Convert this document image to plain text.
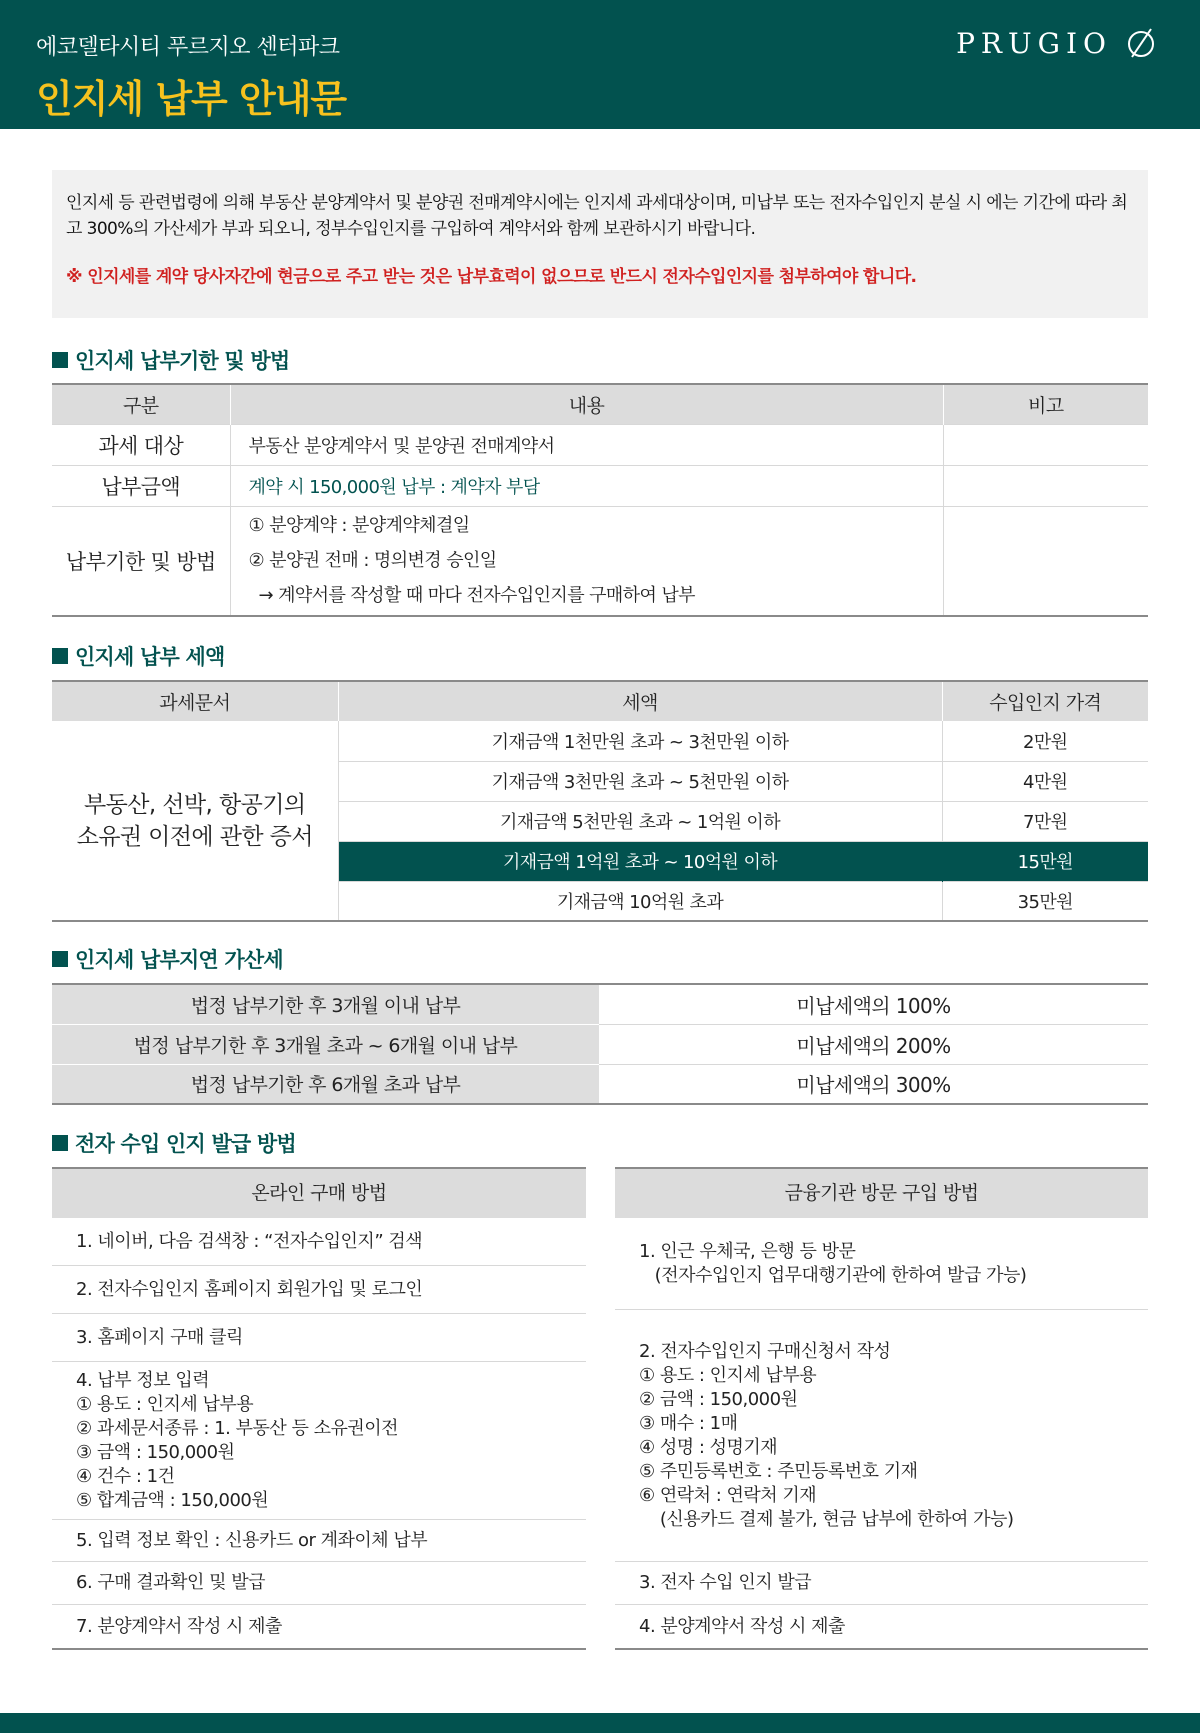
에코델타시티 푸르지오 센터파크
인지세 납부 안내문
PRUGIO

인지세 등 관련법령에 의해 부동산 분양계약서 및 분양권 전매계약시에는 인지세 과세대상이며, 미납부 또는 전자수입인지 분실 시 에는 기간에 따라 최고 300%의 가산세가 부과 되오니, 정부수입인지를 구입하여 계약서와 함께 보관하시기 바랍니다.

※ 인지세를 계약 당사자간에 현금으로 주고 받는 것은 납부효력이 없으므로 반드시 전자수입인지를 첨부하여야 합니다.

인지세 납부기한 및 방법
구분	내용	비고
과세 대상	부동산 분양계약서 및 분양권 전매계약서	
납부금액	계약 시 150,000원 납부 : 계약자 부담	
납부기한 및 방법	① 분양계약 : 분양계약체결일
② 분양권 전매 : 명의변경 승인일
→ 계약서를 작성할 때 마다 전자수입인지를 구매하여 납부	

인지세 납부 세액
과세문서	세액	수입인지 가격

부동산, 선박, 항공기의
소유권 이전에 관한 증서	기재금액 1천만원 초과 ~ 3천만원 이하	2만원
	기재금액 3천만원 초과 ~ 5천만원 이하	4만원
	기재금액 5천만원 초과 ~ 1억원 이하	7만원
	기재금액 1억원 초과 ~ 10억원 이하	15만원
	기재금액 10억원 초과	35만원
인지세 납부지연 가산세
법정 납부기한 후 3개월 이내 납부	미납세액의 100%
법정 납부기한 후 3개월 초과 ~ 6개월 이내 납부	미납세액의 200%
법정 납부기한 후 6개월 초과 납부	미납세액의 300%
전자 수입 인지 발급 방법
온라인 구매 방법
1. 네이버, 다음 검색창 : “전자수입인지” 검색
2. 전자수입인지 홈페이지 회원가입 및 로그인
3. 홈페이지 구매 클릭
4. 납부 정보 입력
① 용도 : 인지세 납부용
② 과세문서종류 : 1. 부동산 등 소유권이전
③ 금액 : 150,000원
④ 건수 : 1건
⑤ 합계금액 : 150,000원
5. 입력 정보 확인 : 신용카드 or 계좌이체 납부
6. 구매 결과확인 및 발급
7. 분양계약서 작성 시 제출
금융기관 방문 구입 방법
1. 인근 우체국, 은행 등 방문
(전자수입인지 업무대행기관에 한하여 발급 가능)
2. 전자수입인지 구매신청서 작성
① 용도 : 인지세 납부용
② 금액 : 150,000원
③ 매수 : 1매
④ 성명 : 성명기재
⑤ 주민등록번호 : 주민등록번호 기재
⑥ 연락처 : 연락처 기재
(신용카드 결제 불가, 현금 납부에 한하여 가능)
3. 전자 수입 인지 발급
4. 분양계약서 작성 시 제출
